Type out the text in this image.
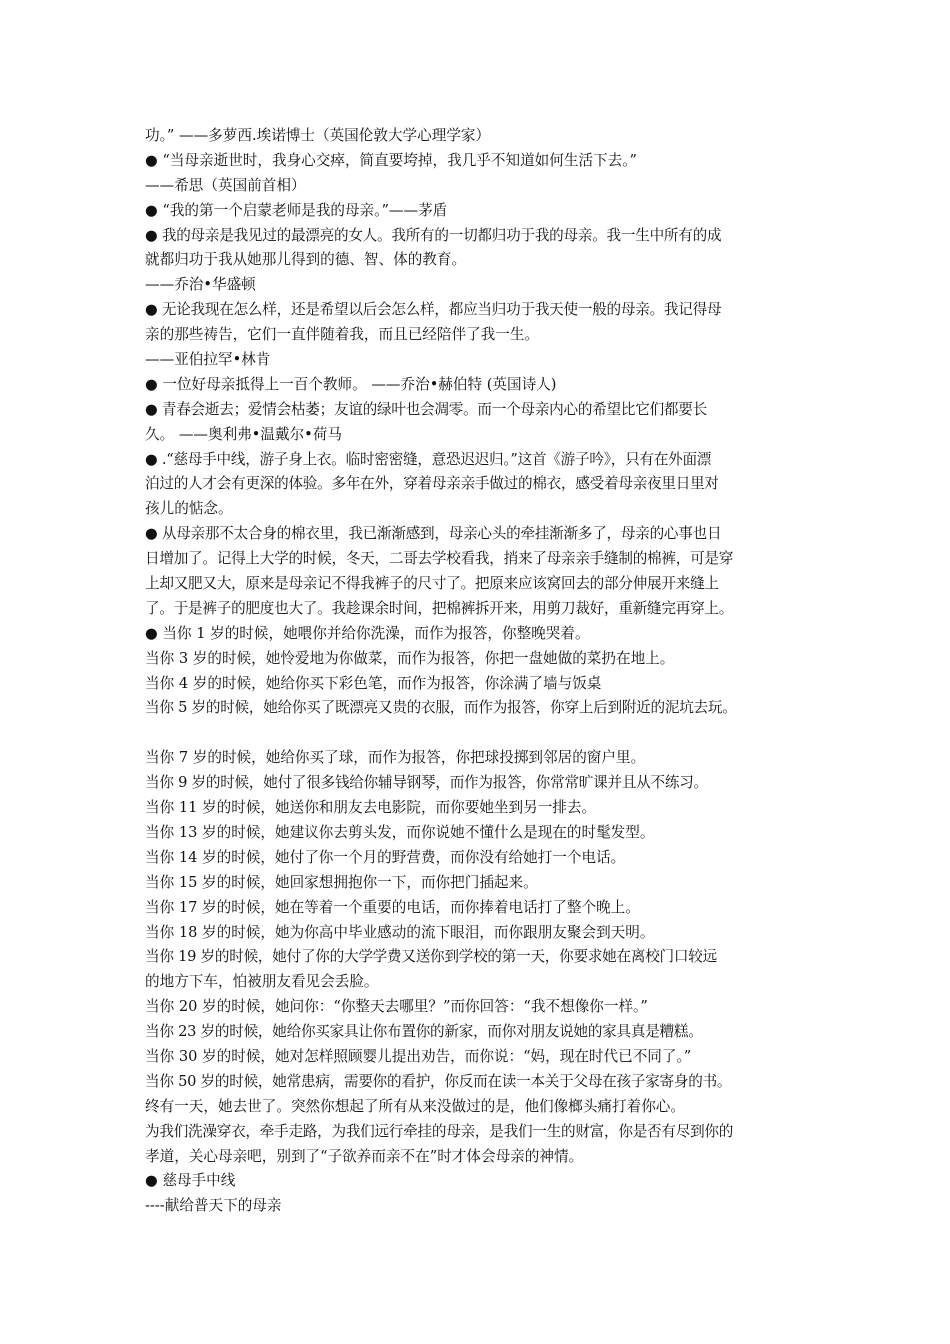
功。” ——多萝西.埃诺博士（英国伦敦大学心理学家）
● “当母亲逝世时，我身心交瘁，简直要垮掉，我几乎不知道如何生活下去。”
——希思（英国前首相）
● “我的第一个启蒙老师是我的母亲。”——茅盾
● 我的母亲是我见过的最漂亮的女人。我所有的一切都归功于我的母亲。我一生中所有的成
就都归功于我从她那儿得到的德、智、体的教育。
——乔治•华盛顿
● 无论我现在怎么样，还是希望以后会怎么样，都应当归功于我天使一般的母亲。我记得母
亲的那些祷告，它们一直伴随着我，而且已经陪伴了我一生。
——亚伯拉罕•林肯
● 一位好母亲抵得上一百个教师。 ——乔治•赫伯特 (英国诗人)
● 青春会逝去；爱情会枯萎；友谊的绿叶也会凋零。而一个母亲内心的希望比它们都要长
久。 ——奥利弗•温戴尔•荷马
● .“慈母手中线，游子身上衣。临时密密缝，意恐迟迟归。”这首《游子吟》，只有在外面漂
泊过的人才会有更深的体验。多年在外，穿着母亲亲手做过的棉衣，感受着母亲夜里日里对
孩儿的惦念。
● 从母亲那不太合身的棉衣里，我已渐渐感到，母亲心头的牵挂渐渐多了，母亲的心事也日
日增加了。记得上大学的时候，冬天，二哥去学校看我，捎来了母亲亲手缝制的棉裤，可是穿
上却又肥又大，原来是母亲记不得我裤子的尺寸了。把原来应该窝回去的部分伸展开来缝上
了。于是裤子的肥度也大了。我趁课余时间，把棉裤拆开来，用剪刀裁好，重新缝完再穿上。
● 当你 1 岁的时候，她喂你并给你洗澡，而作为报答，你整晚哭着。
当你 3 岁的时候，她怜爱地为你做菜，而作为报答，你把一盘她做的菜扔在地上。
当你 4 岁的时候，她给你买下彩色笔，而作为报答，你涂满了墙与饭桌
当你 5 岁的时候，她给你买了既漂亮又贵的衣服，而作为报答，你穿上后到附近的泥坑去玩。
当你 7 岁的时候，她给你买了球，而作为报答，你把球投掷到邻居的窗户里。
当你 9 岁的时候，她付了很多钱给你辅导钢琴，而作为报答，你常常旷课并且从不练习。
当你 11 岁的时候，她送你和朋友去电影院，而你要她坐到另一排去。
当你 13 岁的时候，她建议你去剪头发，而你说她不懂什么是现在的时髦发型。
当你 14 岁的时候，她付了你一个月的野营费，而你没有给她打一个电话。
当你 15 岁的时候，她回家想拥抱你一下，而你把门插起来。
当你 17 岁的时候，她在等着一个重要的电话，而你捧着电话打了整个晚上。
当你 18 岁的时候，她为你高中毕业感动的流下眼泪，而你跟朋友聚会到天明。
当你 19 岁的时候，她付了你的大学学费又送你到学校的第一天，你要求她在离校门口较远
的地方下车，怕被朋友看见会丢脸。
当你 20 岁的时候，她问你：“你整天去哪里？”而你回答：“我不想像你一样。”
当你 23 岁的时候，她给你买家具让你布置你的新家，而你对朋友说她的家具真是糟糕。
当你 30 岁的时候，她对怎样照顾婴儿提出劝告，而你说：“妈，现在时代已不同了。”
当你 50 岁的时候，她常患病，需要你的看护，你反而在读一本关于父母在孩子家寄身的书。
终有一天，她去世了。突然你想起了所有从来没做过的是，他们像榔头痛打着你心。
为我们洗澡穿衣，牵手走路，为我们远行牵挂的母亲，是我们一生的财富，你是否有尽到你的
孝道，关心母亲吧，别到了“子欲养而亲不在”时才体会母亲的神情。
● 慈母手中线
----献给普天下的母亲
